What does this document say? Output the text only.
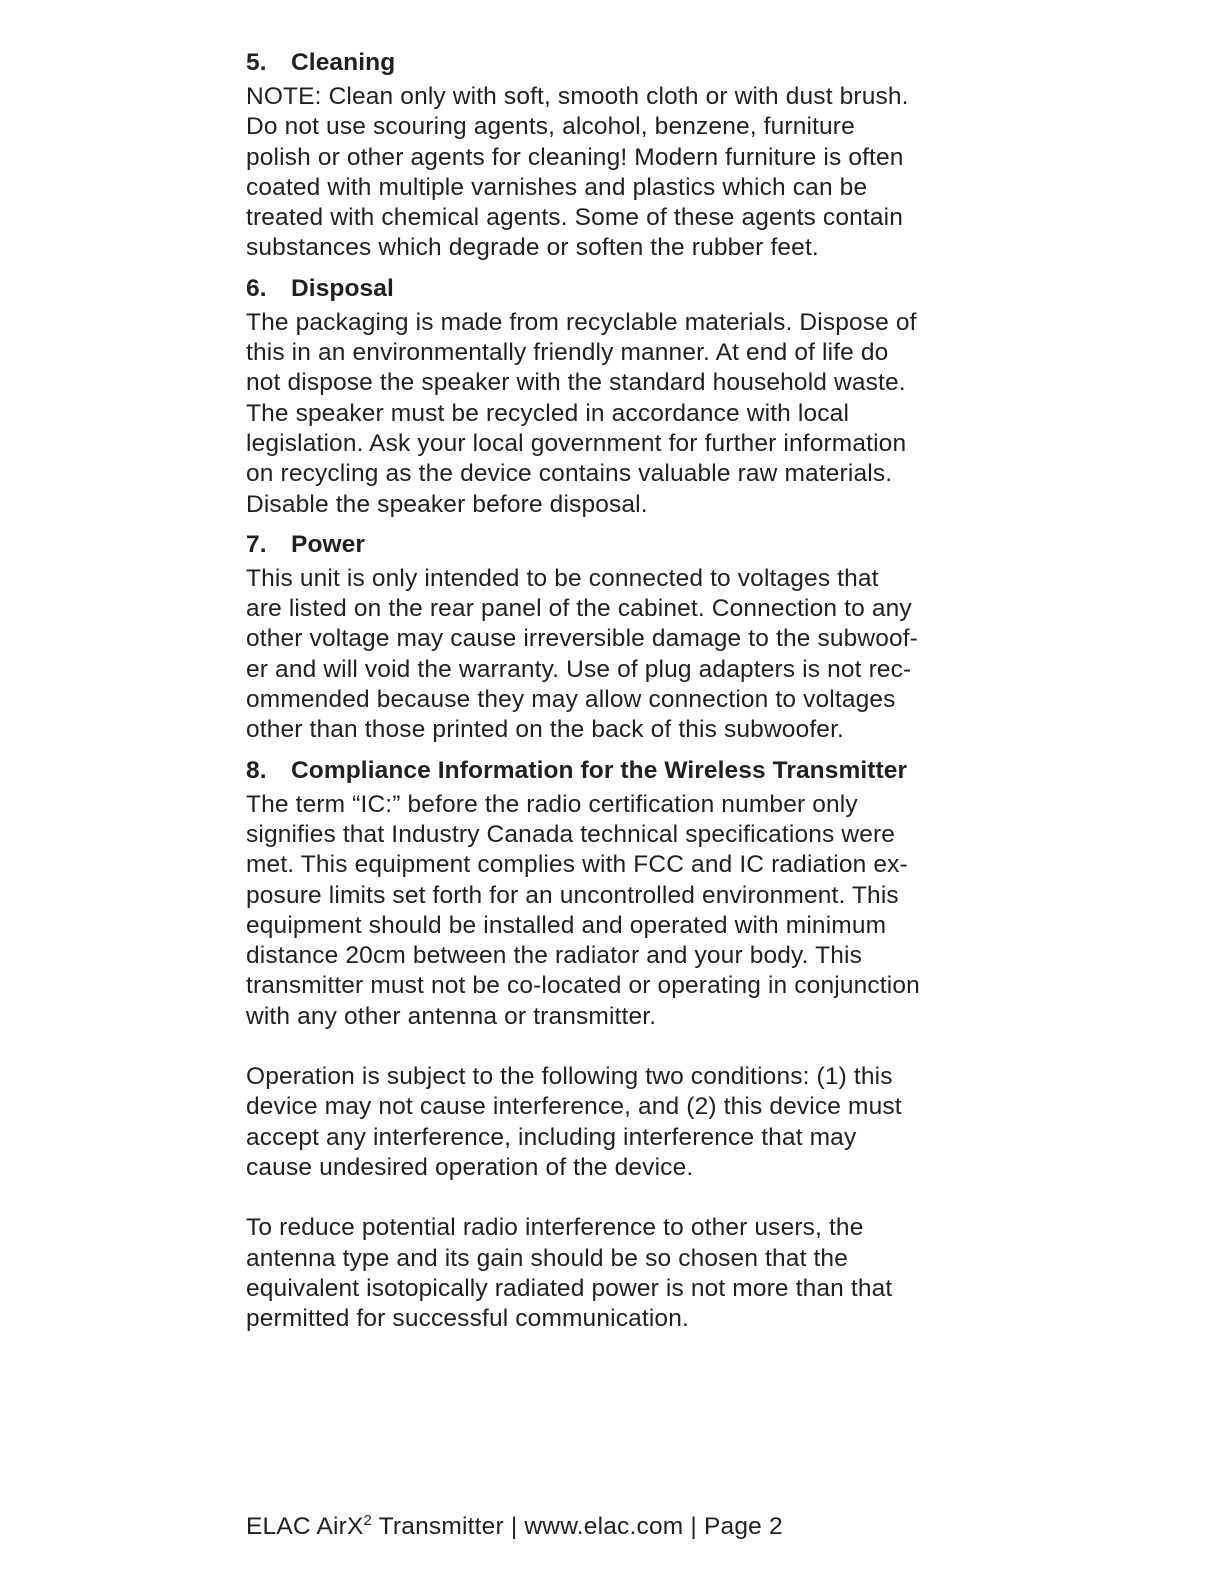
5. Cleaning

NOTE: Clean only with soft, smooth cloth or with dust brush.
Do not use scouring agents, alcohol, benzene, furniture
polish or other agents for cleaning! Modern furniture is often
coated with multiple varnishes and plastics which can be
treated with chemical agents. Some of these agents contain
substances which degrade or soften the rubber feet.

6. Disposal

The packaging is made from recyclable materials. Dispose of
this in an environmentally friendly manner. At end of life do
not dispose the speaker with the standard household waste.
The speaker must be recycled in accordance with local
legislation. Ask your local government for further information
on recycling as the device contains valuable raw materials.
Disable the speaker before disposal.

7. Power

This unit is only intended to be connected to voltages that
are listed on the rear panel of the cabinet. Connection to any
other voltage may cause irreversible damage to the subwoof-
er and will void the warranty. Use of plug adapters is not rec-
ommended because they may allow connection to voltages
other than those printed on the back of this subwoofer.

8. Compliance Information for the Wireless Transmitter

The term “IC:” before the radio certification number only
signifies that Industry Canada technical specifications were
met. This equipment complies with FCC and IC radiation ex-
posure limits set forth for an uncontrolled environment. This
equipment should be installed and operated with minimum
distance 20cm between the radiator and your body. This
transmitter must not be co-located or operating in conjunction
with any other antenna or transmitter.

Operation is subject to the following two conditions: (1) this
device may not cause interference, and (2) this device must
accept any interference, including interference that may
cause undesired operation of the device.

To reduce potential radio interference to other users, the
antenna type and its gain should be so chosen that the
equivalent isotopically radiated power is not more than that
permitted for successful communication.

ELAC AirX$^2$ Transmitter | www.elac.com | Page 2
